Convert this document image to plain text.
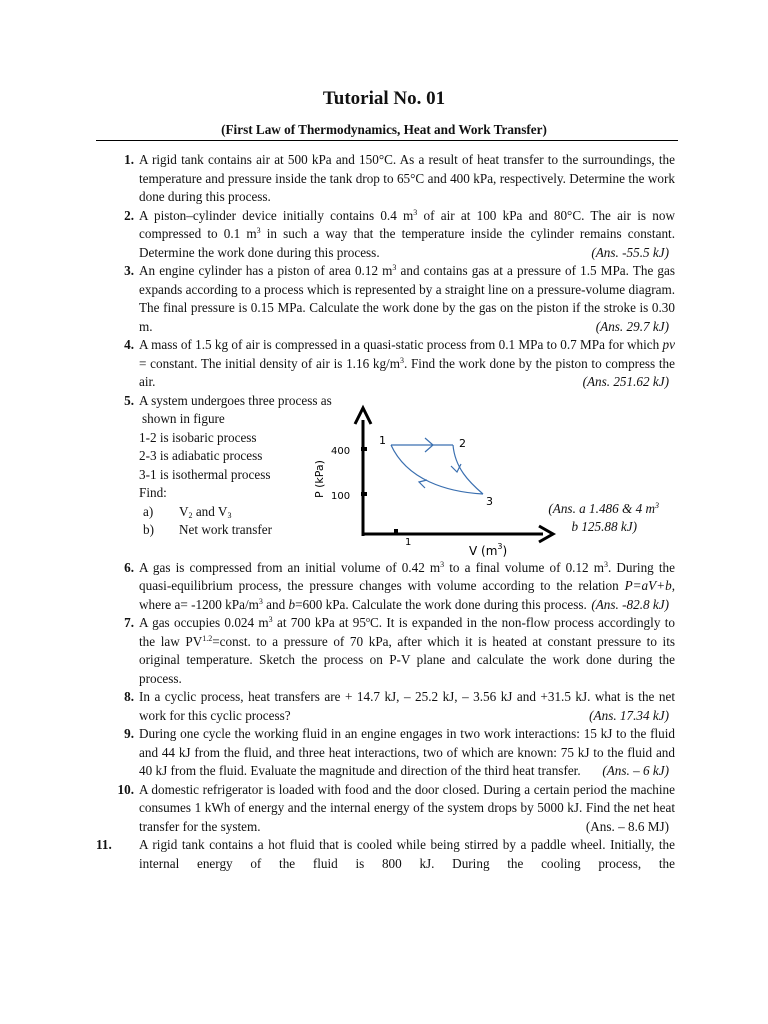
Tutorial No. 01
(First Law of Thermodynamics, Heat and Work Transfer)
1. A rigid tank contains air at 500 kPa and 150°C. As a result of heat transfer to the surroundings, the temperature and pressure inside the tank drop to 65°C and 400 kPa, respectively. Determine the work done during this process.
2. A piston–cylinder device initially contains 0.4 $m^3$ of air at 100 kPa and 80°C. The air is now compressed to 0.1 $m^3$ in such a way that the temperature inside the cylinder remains constant. Determine the work done during this process.	(Ans. -55.5 kJ)
3. An engine cylinder has a piston of area 0.12 $m^3$ and contains gas at a pressure of 1.5 MPa. The gas expands according to a process which is represented by a straight line on a pressure-volume diagram. The final pressure is 0.15 MPa. Calculate the work done by the gas on the piston if the stroke is 0.30 m.	(Ans. 29.7 kJ)
4. A mass of 1.5 kg of air is compressed in a quasi-static process from 0.1 MPa to 0.7 MPa for which pv = constant. The initial density of air is 1.16 $kg/m^3$. Find the work done by the piston to compress the air.	(Ans. 251.62 kJ)
5. A system undergoes three process as
shown in figure
1-2 is isobaric process
2-3 is adiabatic process
3-1 is isothermal process
Find:
a) $V_2$ and $V_3$
b) Net work transfer
400
100
1
P (kPa)
V $(m^3)$
1	2
3	(Ans. a 1.486 & 4 $m^3$
b 125.88 kJ)
6. A gas is compressed from an initial volume of 0.42 $m^3$ to a final volume of 0.12 $m^3$. During the quasi-equilibrium process, the pressure changes with volume according to the relation P=aV+b, where a= -1200 kPa/$m^3$ and b=600 kPa. Calculate the work done during this process. (Ans. -82.8 kJ)
7. A gas occupies 0.024 $m^3$ at 700 kPa at 95$^o$C. It is expanded in the non-flow process accordingly to the law $PV^{1.2}=const$. to a pressure of 70 kPa, after which it is heated at constant pressure to its original temperature. Sketch the process on P-V plane and calculate the work done during the process.
8. In a cyclic process, heat transfers are + 14.7 kJ, – 25.2 kJ, – 3.56 kJ and +31.5 kJ. what is the net work for this cyclic process?	(Ans. 17.34 kJ)
9. During one cycle the working fluid in an engine engages in two work interactions: 15 kJ to the fluid and 44 kJ from the fluid, and three heat interactions, two of which are known: 75 kJ to the fluid and 40 kJ from the fluid. Evaluate the magnitude and direction of the third heat transfer. (Ans. – 6 kJ)
10. A domestic refrigerator is loaded with food and the door closed. During a certain period the machine consumes 1 kWh of energy and the internal energy of the system drops by 5000 kJ. Find the net heat transfer for the system.	(Ans. – 8.6 MJ)
11.	A rigid tank contains a hot fluid that is cooled while being stirred by a paddle wheel. Initially, the internal energy of the fluid is 800 kJ. During the cooling process, the
